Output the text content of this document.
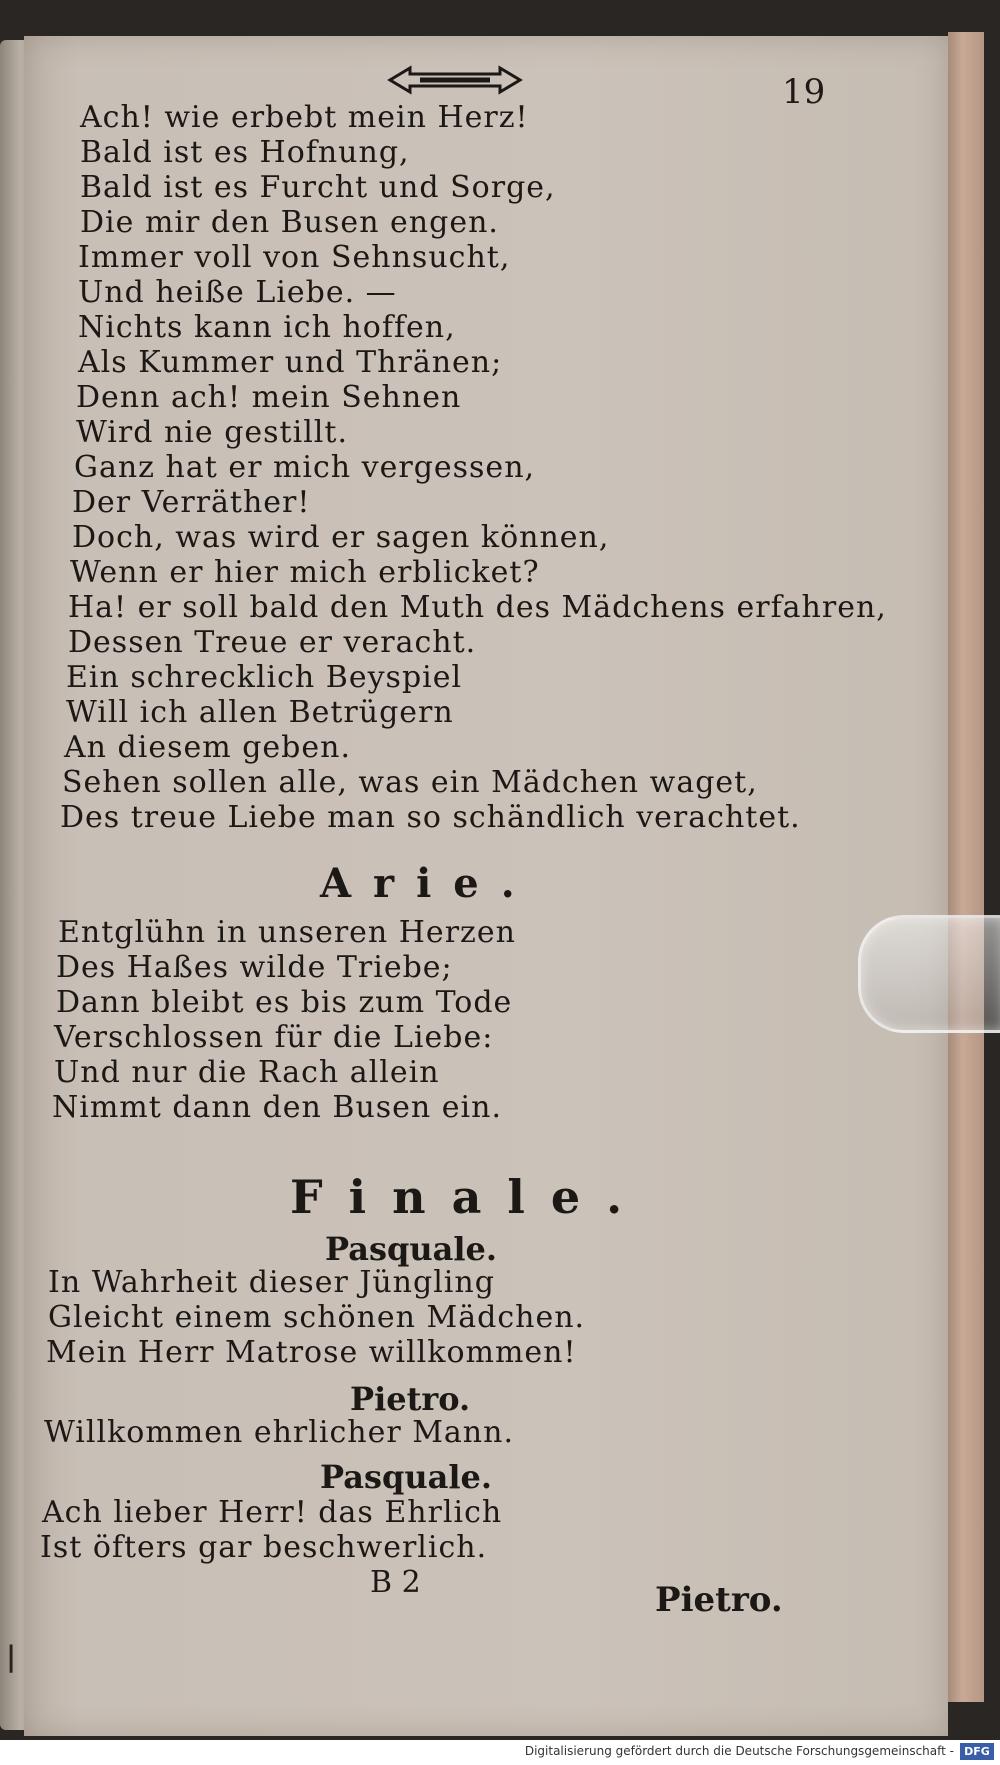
|
19
Ach! wie erbebt mein Herz!
Bald ist es Hofnung,
Bald ist es Furcht und Sorge,
Die mir den Busen engen.
Immer voll von Sehnsucht,
Und heiße Liebe. —
Nichts kann ich hoffen,
Als Kummer und Thränen;
Denn ach! mein Sehnen
Wird nie gestillt.
Ganz hat er mich vergessen,
Der Verräther!
Doch, was wird er sagen können,
Wenn er hier mich erblicket?
Ha! er soll bald den Muth des Mädchens erfahren,
Dessen Treue er veracht.
Ein schrecklich Beyspiel
Will ich allen Betrügern
An diesem geben.
Sehen sollen alle, was ein Mädchen waget,
Des treue Liebe man so schändlich verachtet.
Arie.
Entglühn in unseren Herzen
Des Haßes wilde Triebe;
Dann bleibt es bis zum Tode
Verschlossen für die Liebe:
Und nur die Rach allein
Nimmt dann den Busen ein.
Finale.
Pasquale.
In Wahrheit dieser Jüngling
Gleicht einem schönen Mädchen.
Mein Herr Matrose willkommen!
Pietro.
Willkommen ehrlicher Mann.
Pasquale.
Ach lieber Herr! das Ehrlich
Ist öfters gar beschwerlich.
B 2	Pietro.
Digitalisierung gefördert durch die Deutsche Forschungsgemeinschaft - DFG
